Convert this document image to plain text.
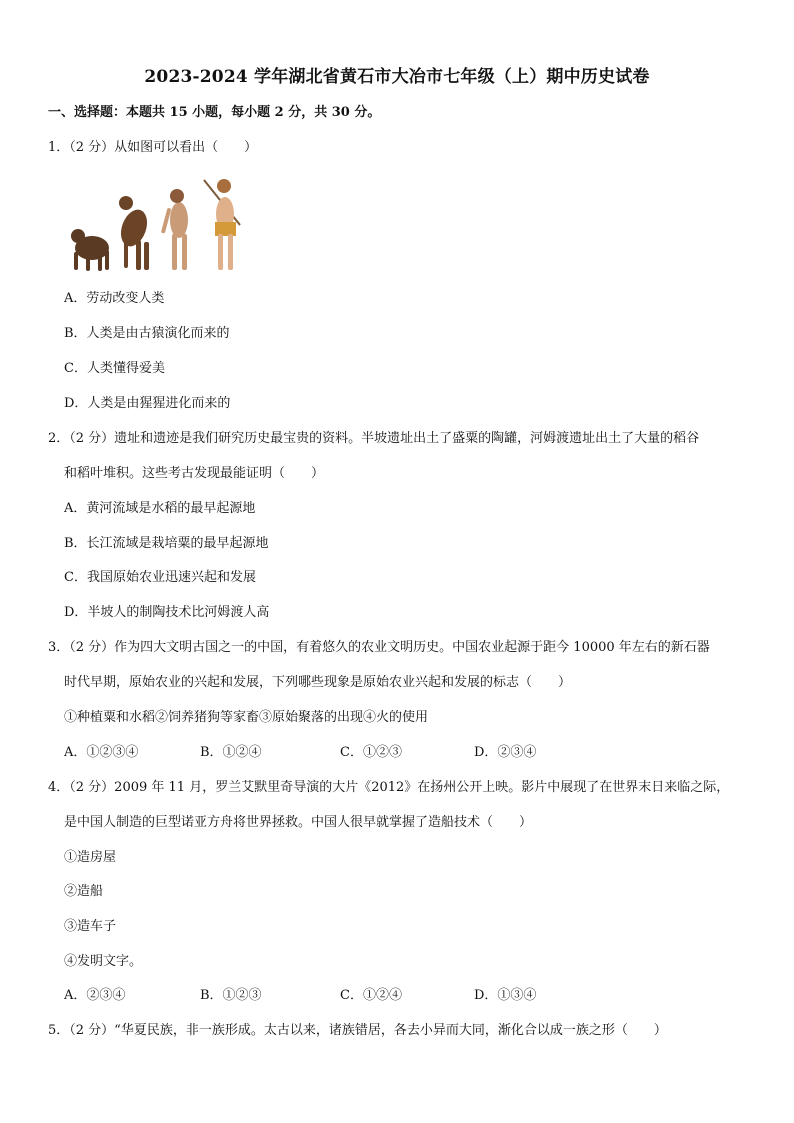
2023-2024 学年湖北省黄石市大冶市七年级（上）期中历史试卷
一、选择题：本题共 15 小题，每小题 2 分，共 30 分。
1．（2 分）从如图可以看出（　　）
A．劳动改变人类
B．人类是由古猿演化而来的
C．人类懂得爱美
D．人类是由猩猩进化而来的
2．（2 分）遗址和遗迹是我们研究历史最宝贵的资料。半坡遗址出土了盛粟的陶罐，河姆渡遗址出土了大量的稻谷
和稻叶堆积。这些考古发现最能证明（　　）
A．黄河流域是水稻的最早起源地
B．长江流域是栽培粟的最早起源地
C．我国原始农业迅速兴起和发展
D．半坡人的制陶技术比河姆渡人高
3．（2 分）作为四大文明古国之一的中国，有着悠久的农业文明历史。中国农业起源于距今 10000 年左右的新石器
时代早期，原始农业的兴起和发展，下列哪些现象是原始农业兴起和发展的标志（　　）
①种植粟和水稻②饲养猪狗等家畜③原始聚落的出现④火的使用
A．①②③④	B．①②④	C．①②③	D．②③④
4．（2 分）2009 年 11 月，罗兰艾默里奇导演的大片《2012》在扬州公开上映。影片中展现了在世界末日来临之际，
是中国人制造的巨型诺亚方舟将世界拯救。中国人很早就掌握了造船技术（　　）
①造房屋
②造船
③造车子
④发明文字。
A．②③④	B．①②③	C．①②④	D．①③④
5．（2 分）“华夏民族，非一族形成。太古以来，诸族错居，各去小异而大同，渐化合以成一族之形（　　）
